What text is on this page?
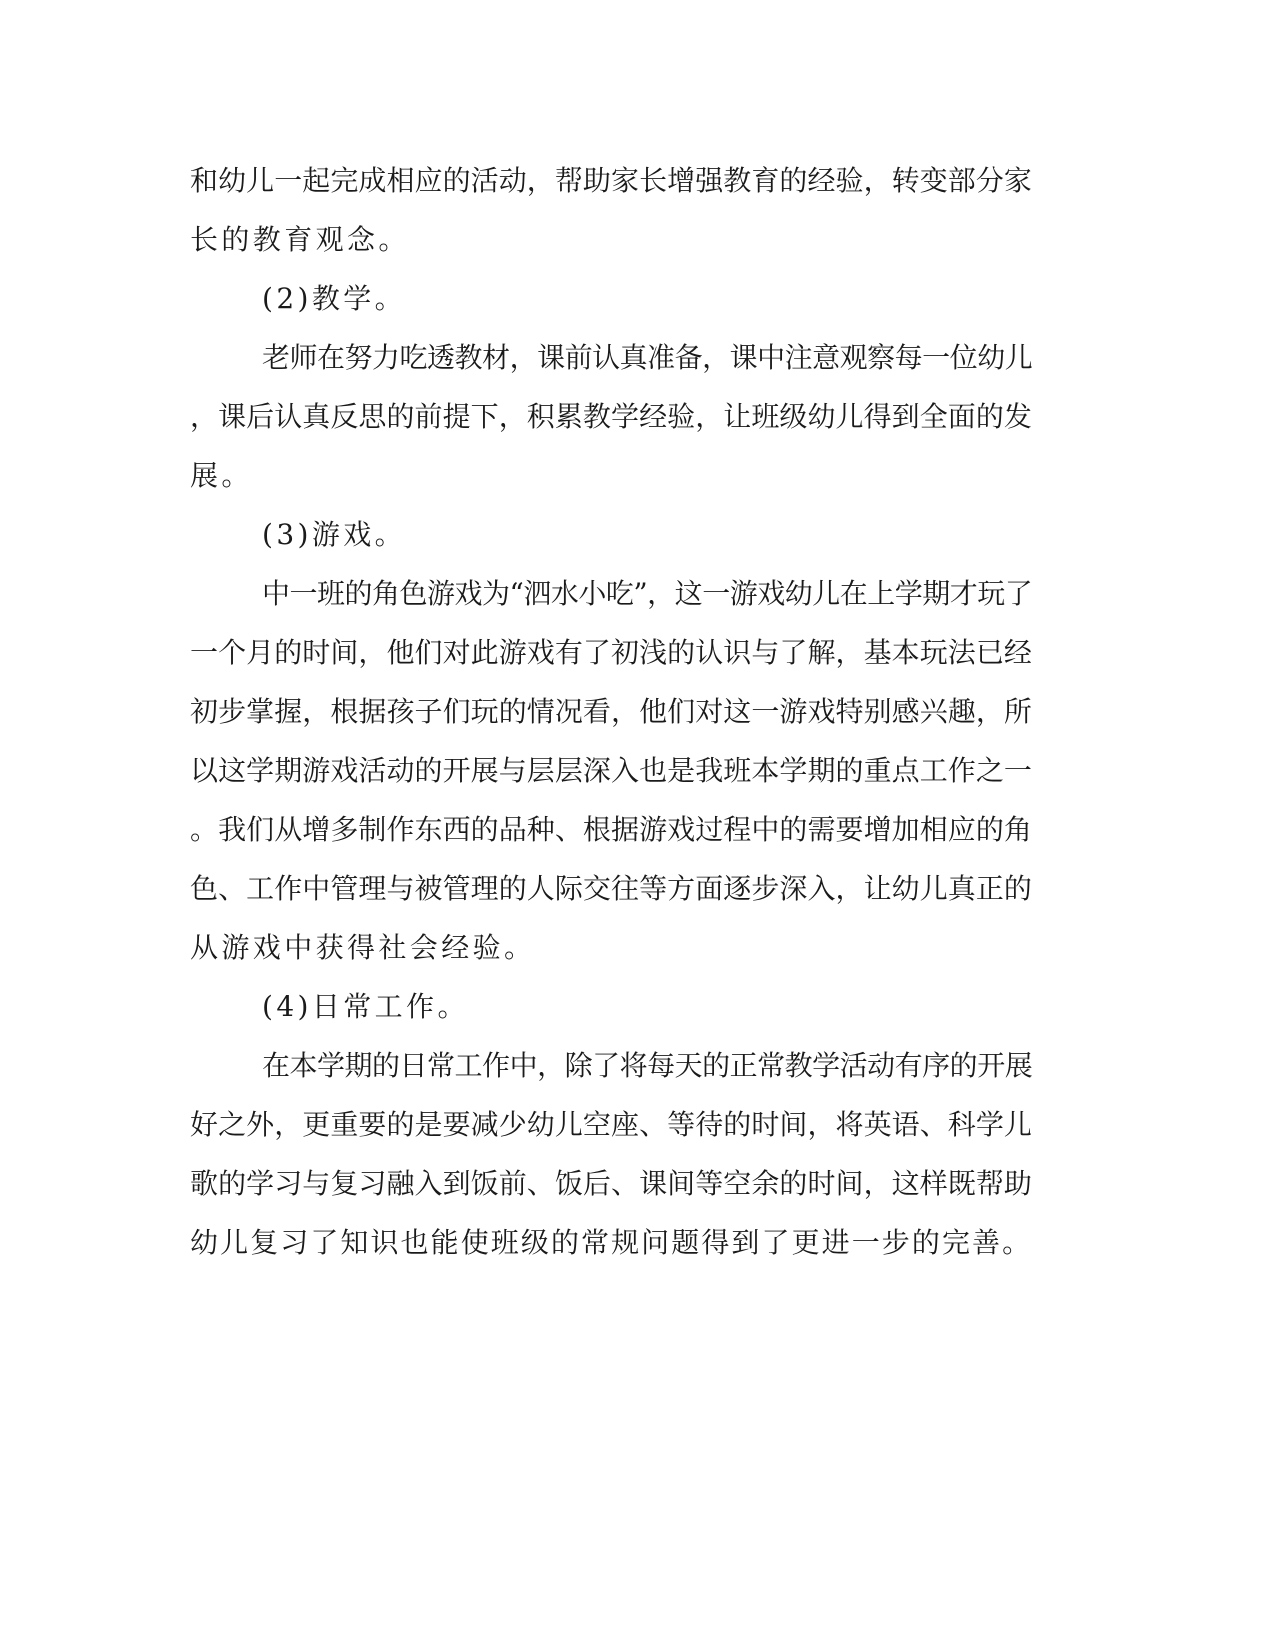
和幼儿一起完成相应的活动，帮助家长增强教育的经验，转变部分家
长的教育观念。
(2)教学。
老师在努力吃透教材，课前认真准备，课中注意观察每一位幼儿
，课后认真反思的前提下，积累教学经验，让班级幼儿得到全面的发
展。
(3)游戏。
中一班的角色游戏为“泗水小吃”，这一游戏幼儿在上学期才玩了
一个月的时间，他们对此游戏有了初浅的认识与了解，基本玩法已经
初步掌握，根据孩子们玩的情况看，他们对这一游戏特别感兴趣，所
以这学期游戏活动的开展与层层深入也是我班本学期的重点工作之一
。我们从增多制作东西的品种、根据游戏过程中的需要增加相应的角
色、工作中管理与被管理的人际交往等方面逐步深入，让幼儿真正的
从游戏中获得社会经验。
(4)日常工作。
在本学期的日常工作中，除了将每天的正常教学活动有序的开展
好之外，更重要的是要减少幼儿空座、等待的时间，将英语、科学儿
歌的学习与复习融入到饭前、饭后、课间等空余的时间，这样既帮助
幼儿复习了知识也能使班级的常规问题得到了更进一步的完善。
